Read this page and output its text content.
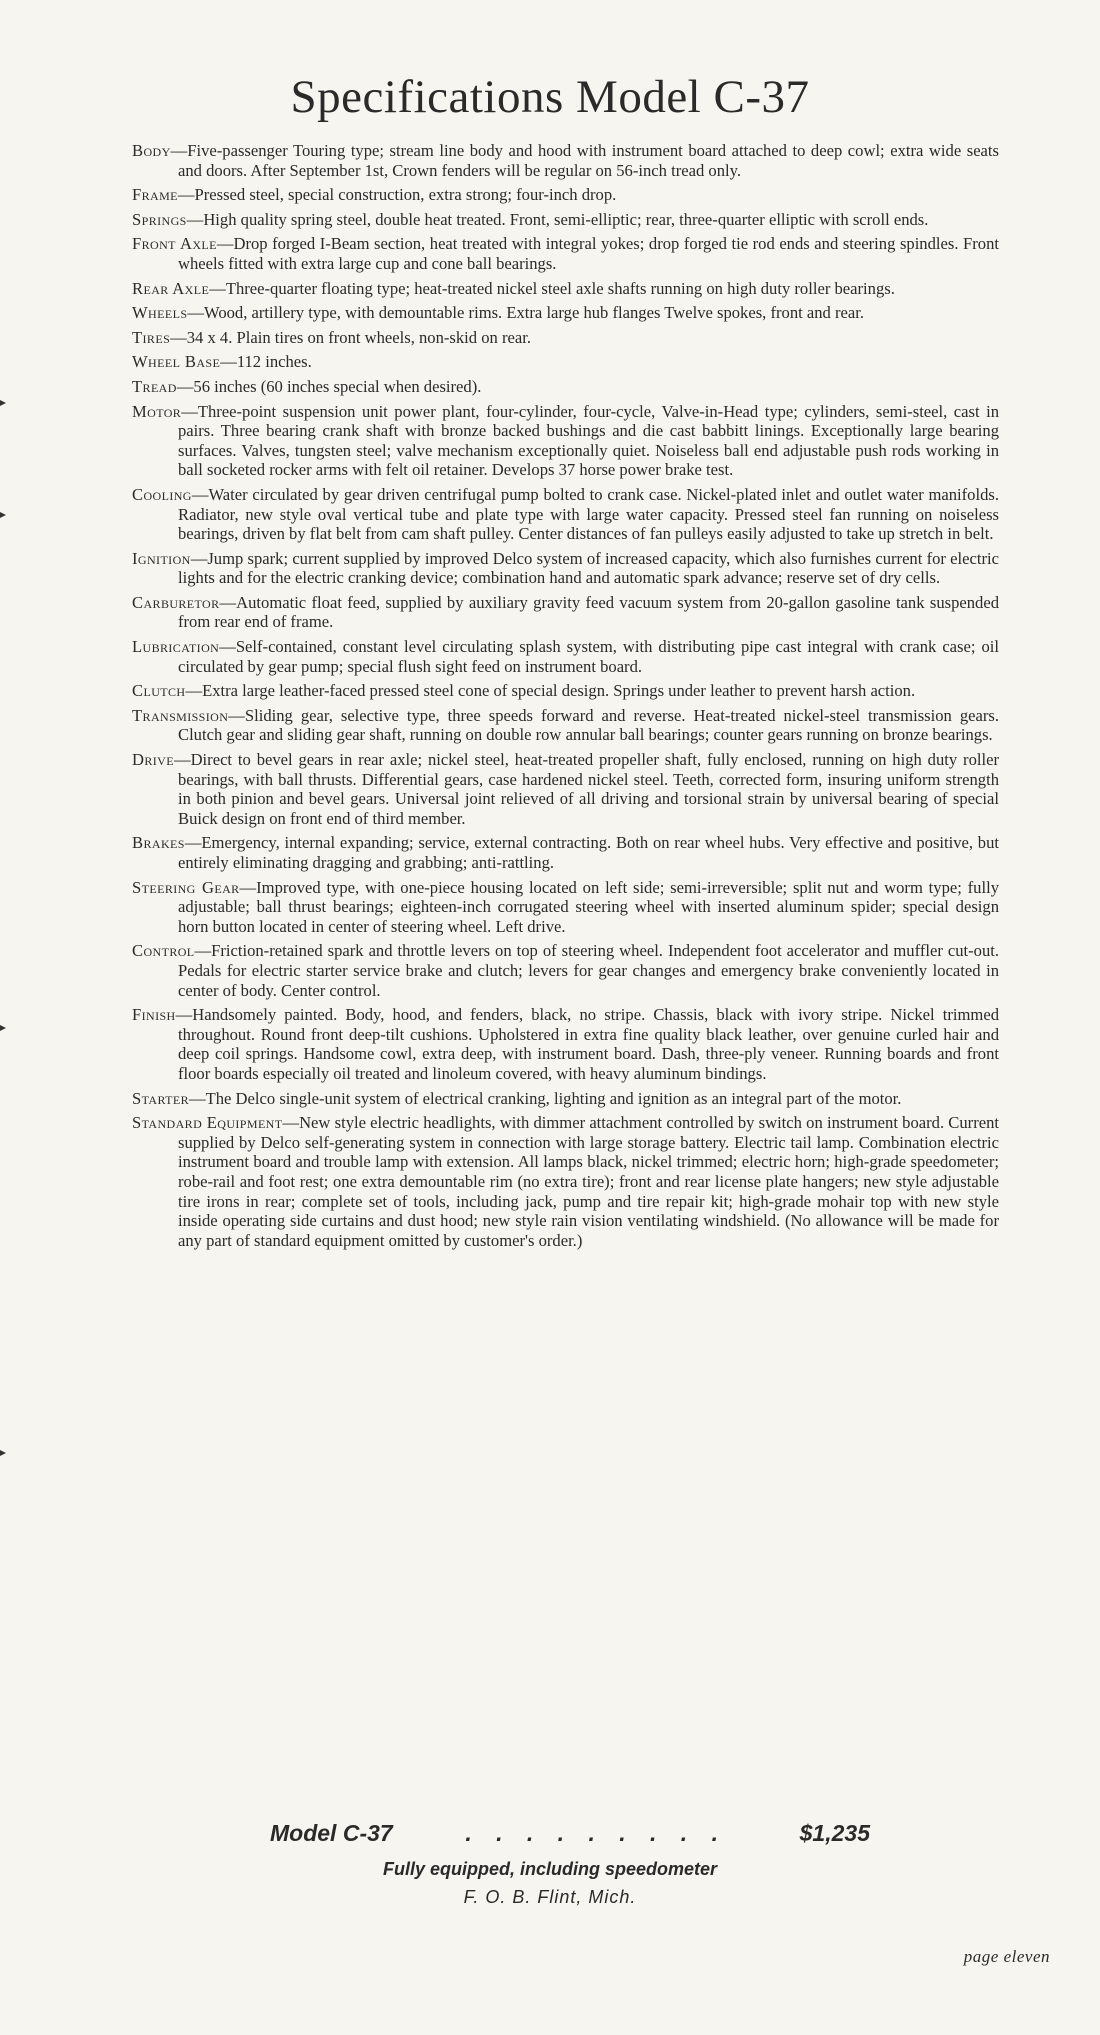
Specifications Model C-37

Body—Five-passenger Touring type; stream line body and hood with instrument board attached to deep cowl; extra wide seats and doors. After September 1st, Crown fenders will be regular on 56-inch tread only.

Frame—Pressed steel, special construction, extra strong; four-inch drop.

Springs—High quality spring steel, double heat treated. Front, semi-elliptic; rear, three-quarter elliptic with scroll ends.

Front Axle—Drop forged I-Beam section, heat treated with integral yokes; drop forged tie rod ends and steering spindles. Front wheels fitted with extra large cup and cone ball bearings.

Rear Axle—Three-quarter floating type; heat-treated nickel steel axle shafts running on high duty roller bearings.

Wheels—Wood, artillery type, with demountable rims. Extra large hub flanges Twelve spokes, front and rear.

Tires—34 x 4. Plain tires on front wheels, non-skid on rear.

Wheel Base—112 inches.

Tread—56 inches (60 inches special when desired).

Motor—Three-point suspension unit power plant, four-cylinder, four-cycle, Valve-in-Head type; cylinders, semi-steel, cast in pairs. Three bearing crank shaft with bronze backed bushings and die cast babbitt linings. Exceptionally large bearing surfaces. Valves, tungsten steel; valve mechanism exceptionally quiet. Noiseless ball end adjustable push rods working in ball socketed rocker arms with felt oil retainer. Develops 37 horse power brake test.

Cooling—Water circulated by gear driven centrifugal pump bolted to crank case. Nickel-plated inlet and outlet water manifolds. Radiator, new style oval vertical tube and plate type with large water capacity. Pressed steel fan running on noiseless bearings, driven by flat belt from cam shaft pulley. Center distances of fan pulleys easily adjusted to take up stretch in belt.

Ignition—Jump spark; current supplied by improved Delco system of increased capacity, which also furnishes current for electric lights and for the electric cranking device; combination hand and automatic spark advance; reserve set of dry cells.

Carburetor—Automatic float feed, supplied by auxiliary gravity feed vacuum system from 20-gallon gasoline tank suspended from rear end of frame.

Lubrication—Self-contained, constant level circulating splash system, with distributing pipe cast integral with crank case; oil circulated by gear pump; special flush sight feed on instrument board.

Clutch—Extra large leather-faced pressed steel cone of special design. Springs under leather to prevent harsh action.

Transmission—Sliding gear, selective type, three speeds forward and reverse. Heat-treated nickel-steel transmission gears. Clutch gear and sliding gear shaft, running on double row annular ball bearings; counter gears running on bronze bearings.

Drive—Direct to bevel gears in rear axle; nickel steel, heat-treated propeller shaft, fully enclosed, running on high duty roller bearings, with ball thrusts. Differential gears, case hardened nickel steel. Teeth, corrected form, insuring uniform strength in both pinion and bevel gears. Universal joint relieved of all driving and torsional strain by universal bearing of special Buick design on front end of third member.

Brakes—Emergency, internal expanding; service, external contracting. Both on rear wheel hubs. Very effective and positive, but entirely eliminating dragging and grabbing; anti-rattling.

Steering Gear—Improved type, with one-piece housing located on left side; semi-irreversible; split nut and worm type; fully adjustable; ball thrust bearings; eighteen-inch corrugated steering wheel with inserted aluminum spider; special design horn button located in center of steering wheel. Left drive.

Control—Friction-retained spark and throttle levers on top of steering wheel. Independent foot accelerator and muffler cut-out. Pedals for electric starter service brake and clutch; levers for gear changes and emergency brake conveniently located in center of body. Center control.

Finish—Handsomely painted. Body, hood, and fenders, black, no stripe. Chassis, black with ivory stripe. Nickel trimmed throughout. Round front deep-tilt cushions. Upholstered in extra fine quality black leather, over genuine curled hair and deep coil springs. Handsome cowl, extra deep, with instrument board. Dash, three-ply veneer. Running boards and front floor boards especially oil treated and linoleum covered, with heavy aluminum bindings.

Starter—The Delco single-unit system of electrical cranking, lighting and ignition as an integral part of the motor.

Standard Equipment—New style electric headlights, with dimmer attachment controlled by switch on instrument board. Current supplied by Delco self-generating system in connection with large storage battery. Electric tail lamp. Combination electric instrument board and trouble lamp with extension. All lamps black, nickel trimmed; electric horn; high-grade speedometer; robe-rail and foot rest; one extra demountable rim (no extra tire); front and rear license plate hangers; new style adjustable tire irons in rear; complete set of tools, including jack, pump and tire repair kit; high-grade mohair top with new style inside operating side curtains and dust hood; new style rain vision ventilating windshield. (No allowance will be made for any part of standard equipment omitted by customer's order.)

Model C-37	. . . . . . . . .	$1,235
Fully equipped, including speedometer
F. O. B. Flint, Mich.
page eleven
